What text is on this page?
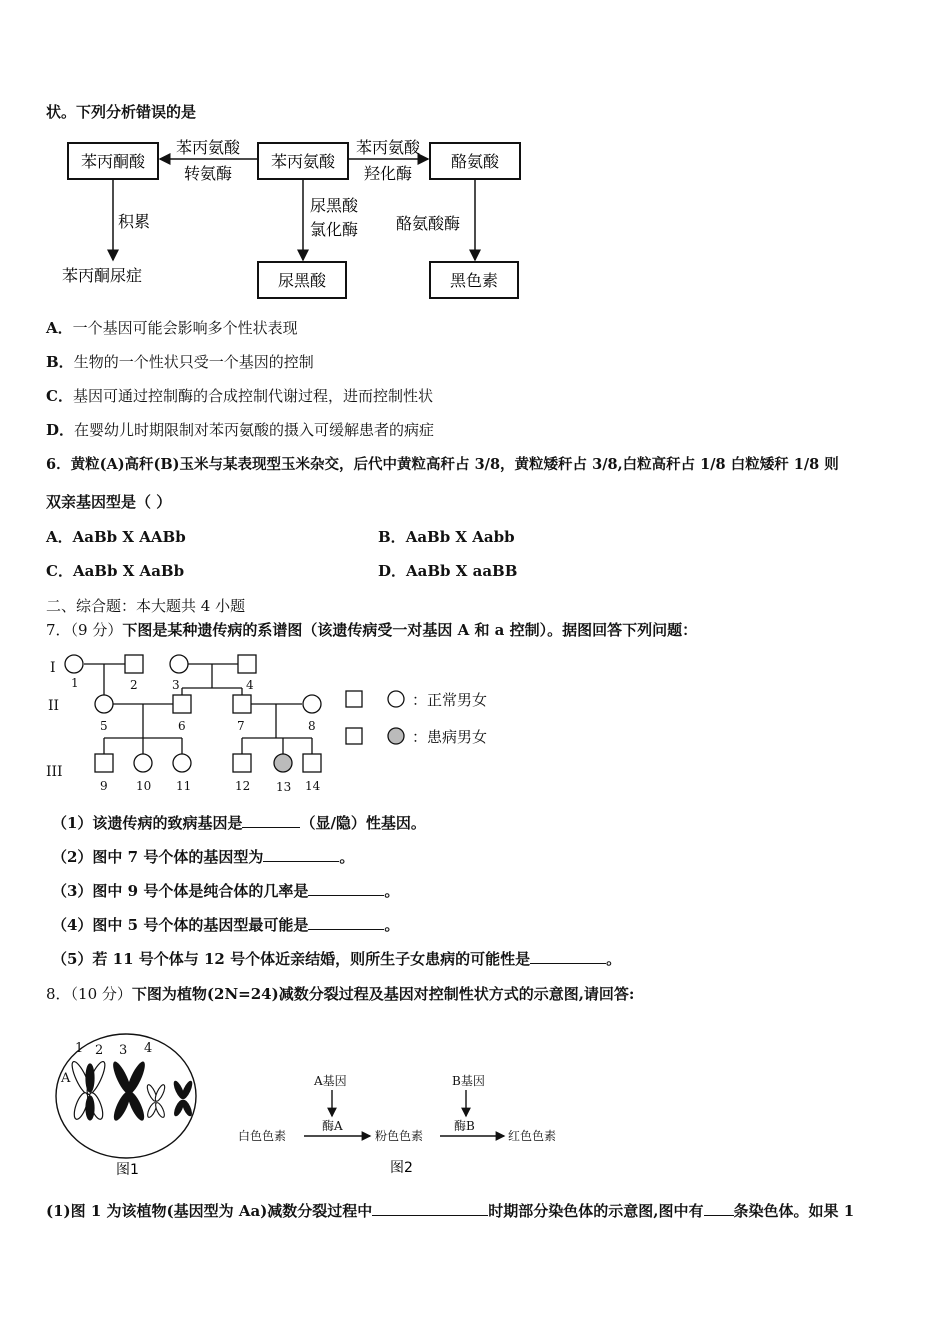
状。下列分析错误的是
苯丙酮酸	苯丙氨酸	酪氨酸
苯丙氨酸
转氨酶
苯丙氨酸
羟化酶
积累
苯丙酮尿症
尿黑酸
氯化酶
尿黑酸
酪氨酸酶
黑色素
A．一个基因可能会影响多个性状表现
B．生物的一个性状只受一个基因的控制
C．基因可通过控制酶的合成控制代谢过程，进而控制性状
D．在婴幼儿时期限制对苯丙氨酸的摄入可缓解患者的病症
6．黄粒(A)高秆(B)玉米与某表现型玉米杂交，后代中黄粒高秆占 3/8，黄粒矮秆占 3/8,白粒高秆占 1/8 白粒矮秆 1/8 则
双亲基因型是（ ）
A．AaBb X AABb	B．AaBb X Aabb
C．AaBb X AaBb	D．AaBb X aaBB
二、综合题：本大题共 4 小题
7．（9 分）下图是某种遗传病的系谱图（该遗传病受一对基因 A 和 a 控制）。据图回答下列问题：
I
II
III
1	2	3	4
5	6	7	8
9 10 11	12 13 14
：正常男女
：患病男女
（1）该遗传病的致病基因是	（显/隐）性基因。
（2）图中 7 号个体的基因型为	。
（3）图中 9 号个体是纯合体的几率是	。
（4）图中 5 号个体的基因型最可能是	。
（5）若 11 号个体与 12 号个体近亲结婚，则所生子女患病的可能性是	。
8．（10 分）下图为植物(2N=24)减数分裂过程及基因对控制性状方式的示意图,请回答:
1 2 3 4
A
图1
A基因	B基因
酶A	酶B
白色色素	粉色色素	红色色素
图2
(1)图 1 为该植物(基因型为 Aa)减数分裂过程中	时期部分染色体的示意图,图中有 条染色体。如果 1
